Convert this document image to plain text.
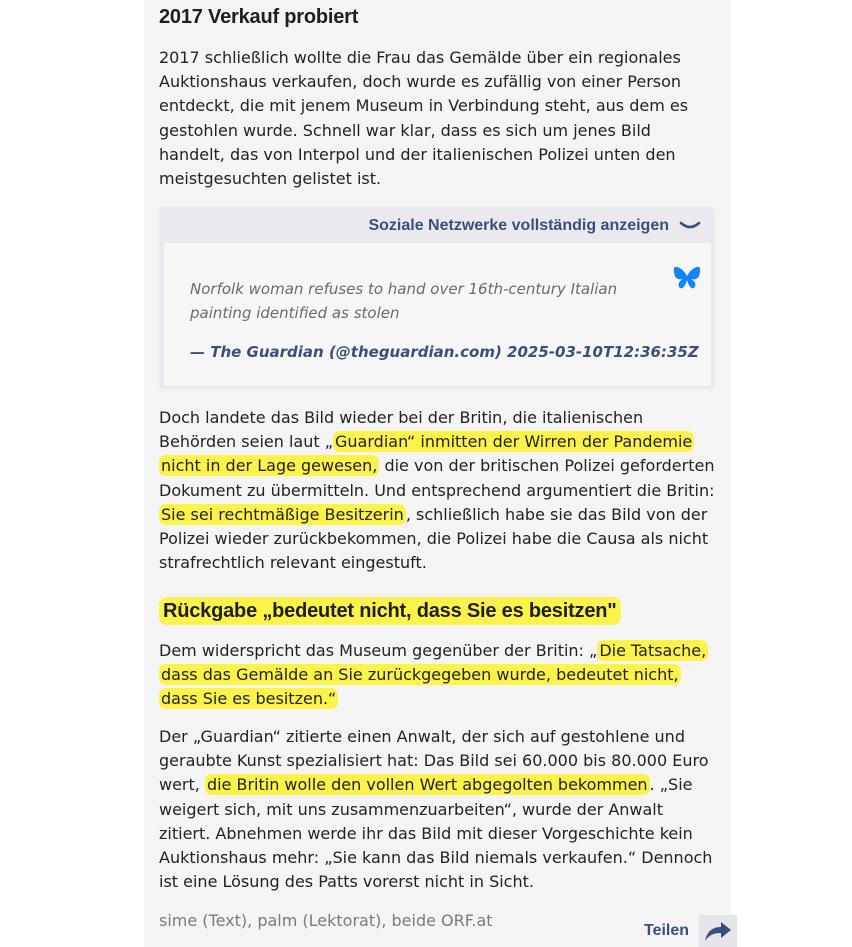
2017 Verkauf probiert

2017 schließlich wollte die Frau das Gemälde über ein regionales Auktionshaus verkaufen, doch wurde es zufällig von einer Person entdeckt, die mit jenem Museum in Verbindung steht, aus dem es gestohlen wurde. Schnell war klar, dass es sich um jenes Bild handelt, das von Interpol und der italienischen Polizei unten den meistgesuchten gelistet ist.

Soziale Netzwerke vollständig anzeigen
Norfolk woman refuses to hand over 16th-century Italian painting identified as stolen
— The Guardian (@theguardian.com) 2025-03-10T12:36:35Z

Doch landete das Bild wieder bei der Britin, die italienischen Behörden seien laut „ Guardian“ inmitten der Wirren der Pandemie nicht in der Lage gewesen, die von der britischen Polizei geforderten Dokument zu übermitteln. Und entsprechend argumentiert die Britin: Sie sei rechtmäßige Besitzerin , schließlich habe sie das Bild von der Polizei wieder zurückbekommen, die Polizei habe die Causa als nicht strafrechtlich relevant eingestuft.

Rückgabe „bedeutet nicht, dass Sie es besitzen"

Dem widerspricht das Museum gegenüber der Britin: „ Die Tatsache, dass das Gemälde an Sie zurückgegeben wurde, bedeutet nicht, dass Sie es besitzen.“

Der „Guardian“ zitierte einen Anwalt, der sich auf gestohlene und geraubte Kunst spezialisiert hat: Das Bild sei 60.000 bis 80.000 Euro wert, die Britin wolle den vollen Wert abgegolten bekommen . „Sie weigert sich, mit uns zusammenzuarbeiten“, wurde der Anwalt zitiert. Abnehmen werde ihr das Bild mit dieser Vorgeschichte kein Auktionshaus mehr: „Sie kann das Bild niemals verkaufen.“ Dennoch ist eine Lösung des Patts vorerst nicht in Sicht.

sime (Text), palm (Lektorat), beide ORF.at
Teilen
